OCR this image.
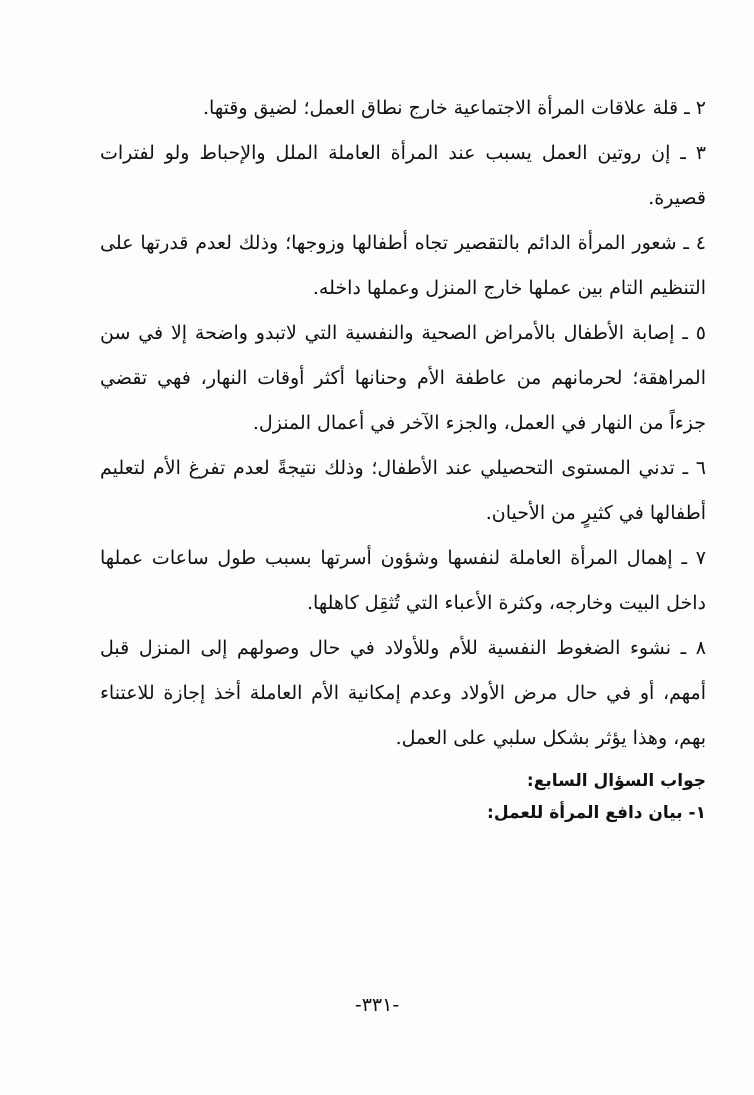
٢ ـ قلة علاقات المرأة الاجتماعية خارج نطاق العمل؛ لضيق وقتها.

٣ ـ إن روتين العمل يسبب عند المرأة العاملة الملل والإحباط ولو لفترات قصيرة.

٤ ـ شعور المرأة الدائم بالتقصير تجاه أطفالها وزوجها؛ وذلك لعدم قدرتها على التنظيم التام بين عملها خارج المنزل وعملها داخله.

٥ ـ إصابة الأطفال بالأمراض الصحية والنفسية التي لاتبدو واضحة إلا في سن المراهقة؛ لحرمانهم من عاطفة الأم وحنانها أكثر أوقات النهار، فهي تقضي جزءاً من النهار في العمل، والجزء الآخر في أعمال المنزل.

٦ ـ تدني المستوى التحصيلي عند الأطفال؛ وذلك نتيجةً لعدم تفرغ الأم لتعليم أطفالها في كثيرٍ من الأحيان.

٧ ـ إهمال المرأة العاملة لنفسها وشؤون أسرتها بسبب طول ساعات عملها داخل البيت وخارجه، وكثرة الأعباء التي تُثقِل كاهلها.

٨ ـ نشوء الضغوط النفسية للأم وللأولاد في حال وصولهم إلى المنزل قبل أمهم، أو في حال مرض الأولاد وعدم إمكانية الأم العاملة أخذ إجازة للاعتناء بهم، وهذا يؤثر بشكل سلبي على العمل.

جواب السؤال السابع:

١- بيان دافع المرأة للعمل:

-٣٣١-
